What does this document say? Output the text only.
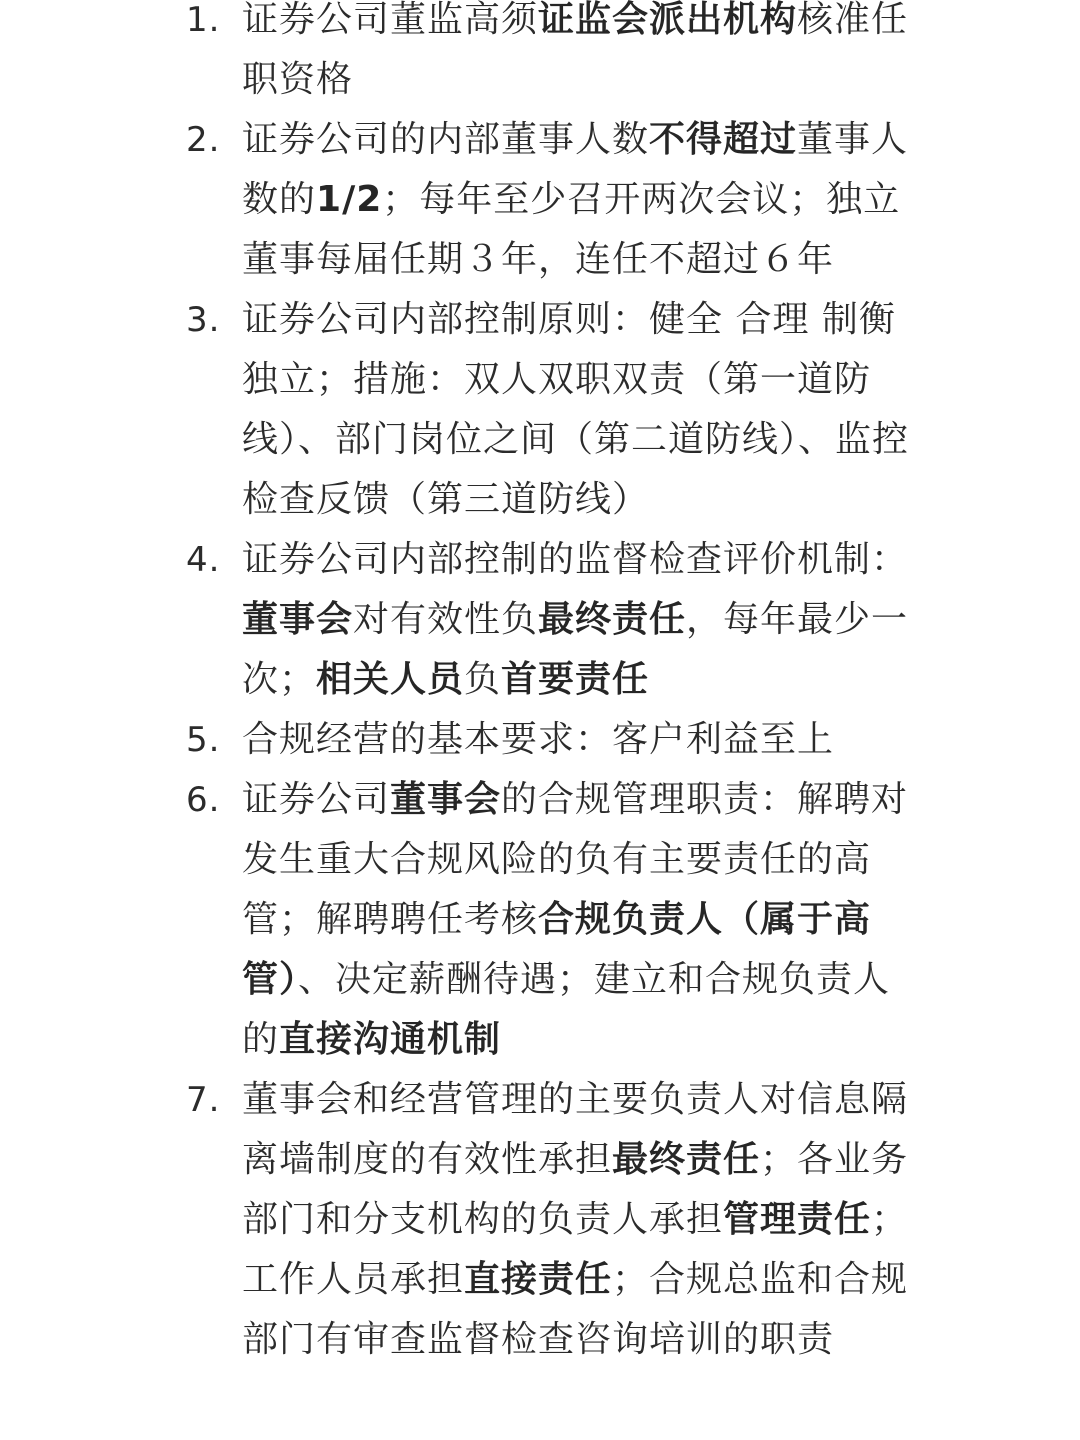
1. 证券公司董监高须证监会派出机构核准任职资格
2. 证券公司的内部董事人数不得超过董事人数的1/2；每年至少召开两次会议；独立董事每届任期３年，连任不超过６年
3. 证券公司内部控制原则：健全 合理 制衡 独立；措施：双人双职双责（第一道防线）、部门岗位之间（第二道防线）、监控检查反馈（第三道防线）
4. 证券公司内部控制的监督检查评价机制：董事会对有效性负最终责任，每年最少一次；相关人员负首要责任
5. 合规经营的基本要求：客户利益至上
6. 证券公司董事会的合规管理职责：解聘对发生重大合规风险的负有主要责任的高管；解聘聘任考核合规负责人（属于高管）、决定薪酬待遇；建立和合规负责人的直接沟通机制
7. 董事会和经营管理的主要负责人对信息隔离墙制度的有效性承担最终责任；各业务部门和分支机构的负责人承担管理责任；工作人员承担直接责任；合规总监和合规部门有审查监督检查咨询培训的职责
